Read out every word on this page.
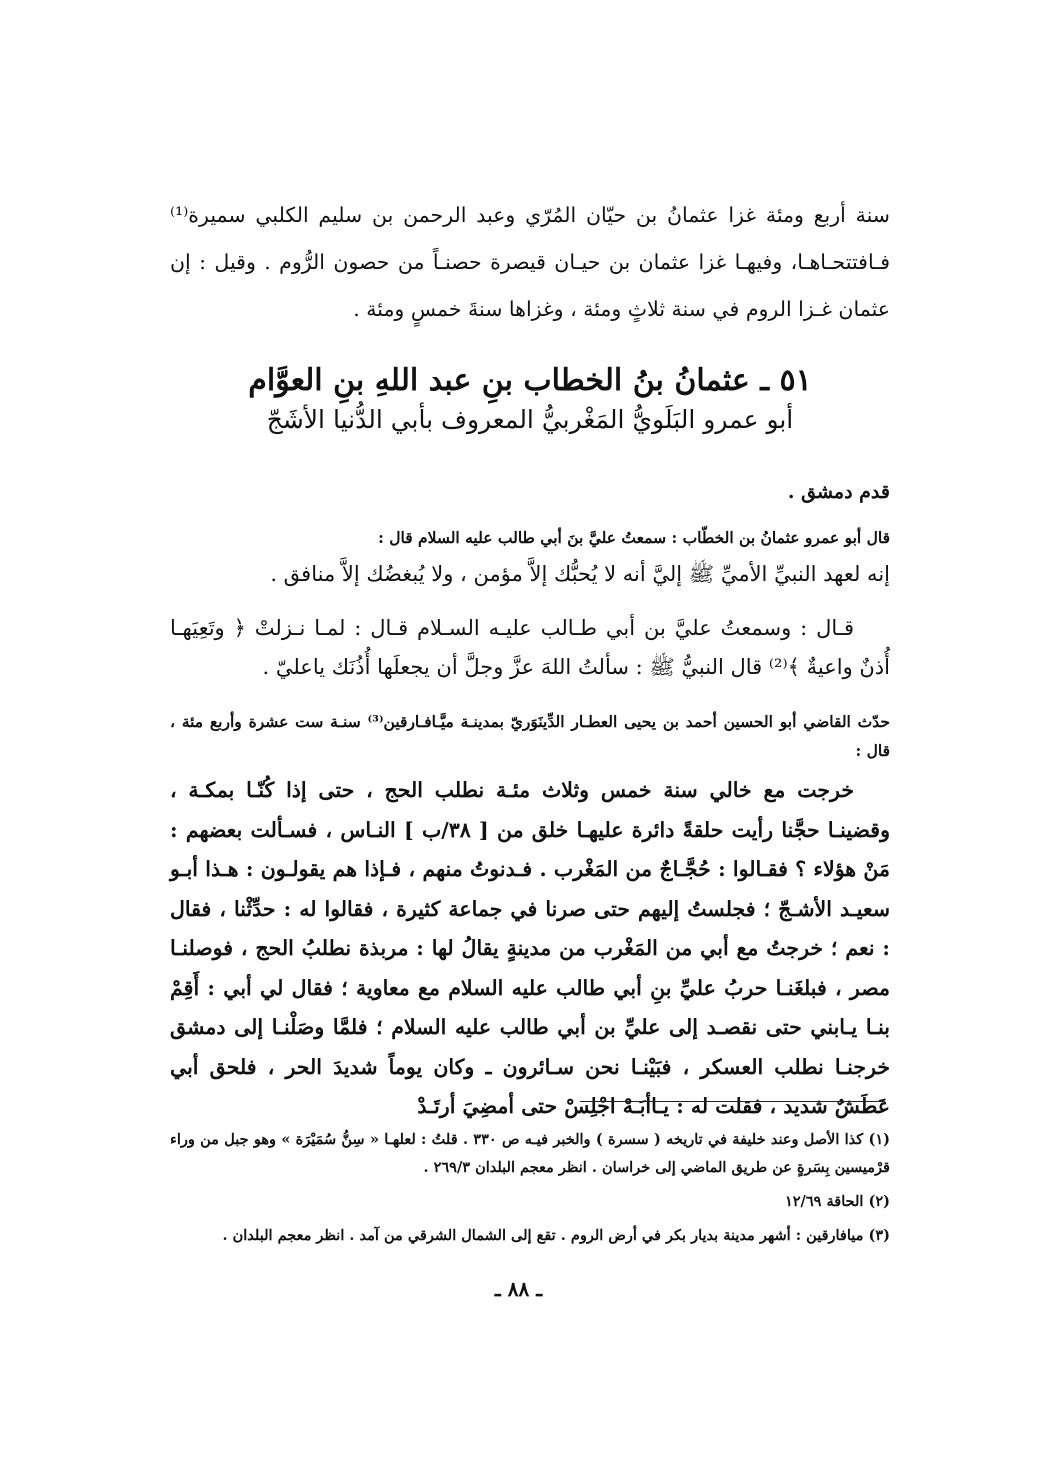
سنة أربع ومئة غزا عثمانُ بن حيّان المُرّي وعبد الرحمن بن سليم الكلبي سميرة⁽¹⁾ فـافتتحـاهـا، وفيهـا غزا عثمان بن حيـان قيصرة حصنـاً من حصون الرُّوم . وقيل : إن عثمان غـزا الروم في سنة ثلاثٍ ومئة ، وغزاها سنةَ خمسٍ ومئة .

٥١ ـ عثمانُ بنُ الخطاب بنِ عبد اللهِ بنِ العوَّام
أبو عمرو البَلَويُّ المَغْربيُّ المعروف بأبي الدُّنيا الأشَجّ
قدم دمشق .
قال أبو عمرو عثمانُ بن الخطّاب : سمعتُ عليَّ بنَ أبي طالب عليه السلام قال :

إنه لعهد النبيِّ الأميِّ ﷺ إليَّ أنه لا يُحبُّك إلاَّ مؤمن ، ولا يُبغضُك إلاَّ منافق .

قـال : وسمعتُ عليَّ بن أبي طـالب عليـه السـلام قـال : لمـا نـزلتْ ﴿ وتَعِيَهـا أُذنٌ واعيةٌ ﴾⁽²⁾ قال النبيُّ ﷺ : سألتُ اللهَ عزَّ وجلَّ أن يجعلَها أُذُنَك ياعليّ .

حدّث القاضي أبو الحسين أحمد بن يحيى العطـار الدِّينَوَريّ بمدينـة ميَّـافـارقين⁽³⁾ سنـة ست عشرة وأربع مئة ، قال :

خرجت مع خالي سنة خمس وثلاث مئـة نطلب الحج ، حتى إذا كُنّـا بمكـة ، وقضينـا حجَّنا رأيت حلقةً دائرة عليهـا خلق من [ ٣٨/ب ] النـاس ، فسـألت بعضهم : مَنْ هؤلاء ؟ فقـالوا : حُجَّـاجٌ من المَغْرب . فـدنوتُ منهم ، فـإذا هم يقولـون : هـذا أبـو سعيـد الأشـجّ ؛ فجلستُ إليهم حتى صرنا في جماعة كثيرة ، فقالوا له : حدِّثْنا ، فقال : نعم ؛ خرجتُ مع أبي من المَغْرب من مدينةٍ يقالُ لها : مربذة نطلبُ الحج ، فوصلنـا مصر ، فبلغَنـا حربُ عليِّ بنِ أبي طالب عليه السلام مع معاوية ؛ فقال لي أبي : أَقِمْ بنـا يـابني حتى نقصـد إلى عليِّ بن أبي طالب عليه السلام ؛ فلمَّا وصَلْنـا إلى دمشق خرجنـا نطلب العسكر ، فبَيْنـا نحن سـائرون ـ وكان يوماً شديدَ الحر ، فلحق أبي عَطَشٌ شديد ، فقلت له : يـاأبَـهْ اجْلِسْ حتى أمضِيَ أرتَـدْ

(١) كذا الأصل وعند خليفة في تاريخه ( سسرة ) والخبر فيـه ص ٣٣٠ . قلتُ : لعلهـا « سِنُّ سُمَيْرَة » وهو جبل من وراء قرْميسين بِسَرةٍ عن طريق الماضي إلى خراسان . انظر معجم البلدان ٢٦٩/٣ .

(٢) الحاقة ١٢/٦٩

(٣) ميافارقين : أشهر مدينة بديار بكر في أرض الروم . تقع إلى الشمال الشرقي من آمد . انظر معجم البلدان .

ـ ٨٨ ـ
